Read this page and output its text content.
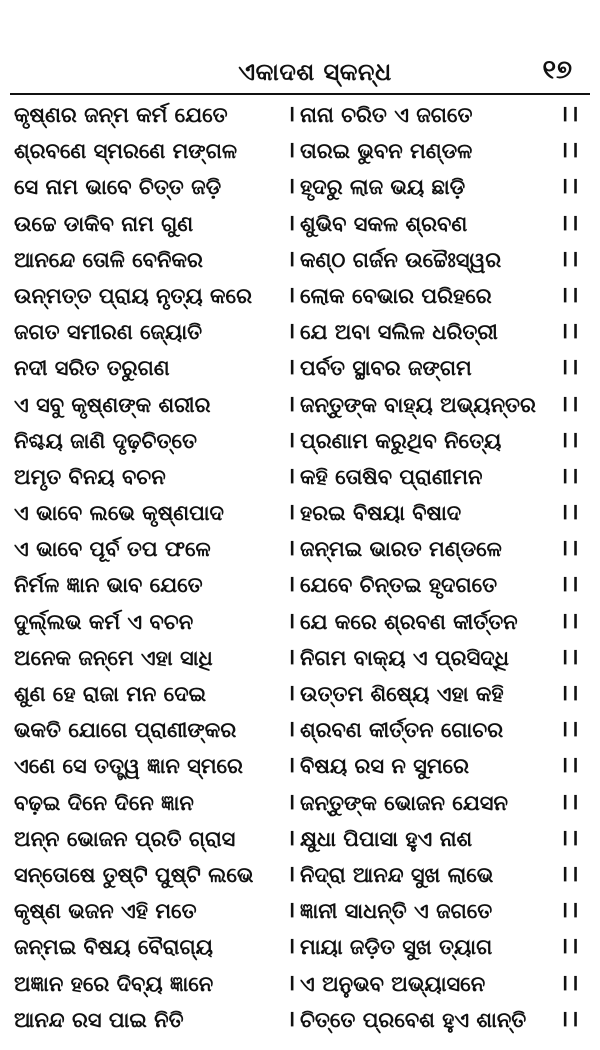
ଏକାଦଶ ସ୍କନ୍ଧ	୧୭
କୃଷ୍ଣର ଜନ୍ମ କର୍ମ ଯେତେ	। ନାନା ଚରିତ ଏ ଜଗତେ	।।
ଶ୍ରବଣେ ସ୍ମରଣେ ମଙ୍ଗଳ । ତାରଇ ଭୁବନ ମଣ୍ଡଳ	।।
ସେ ନାମ ଭାବେ ଚିତ୍ତ ଜଡ଼ି	। ହୃଦରୁ ଲାଜ ଭୟ ଛାଡ଼ି	।।
ଉଚ୍ଚେ ଡାକିବ ନାମ ଗୁଣ	। ଶୁଭିବ ସକଳ ଶ୍ରବଣ	।।
ଆନନ୍ଦେ ତୋଳି ବେନିକର	। କଣ୍ଠ ଗର୍ଜନ ଉଚ୍ଚୈଃସ୍ୱର	।।
ଉନ୍ମତ୍ତ ପ୍ରାୟ ନୃତ୍ୟ କରେ । ଲୋକ ବେଭାର ପରିହରେ	।।
ଜଗତ ସମୀରଣ ଜ୍ୟୋତି	। ଯେ ଅବା ସଲିଳ ଧରିତ୍ରୀ	।।
ନଦୀ ସରିତ ତରୁଗଣ	। ପର୍ବତ ସ୍ଥାବର ଜଙ୍ଗମ	।।
ଏ ସବୁ କୃଷ୍ଣଙ୍କ ଶରୀର	। ଜନ୍ତୁଙ୍କ ବାହ୍ୟ ଅଭ୍ୟନ୍ତର ।।
ନିଶ୍ଚୟ ଜାଣି ଦୃଢ଼ଚିତ୍ତେ	। ପ୍ରଣାମ କରୁଥିବ ନିତ୍ୟେ	।।
ଅମୃତ ବିନୟ ବଚନ	। କହି ତୋଷିବ ପ୍ରାଣୀମନ	।।
ଏ ଭାବେ ଲଭେ କୃଷ୍ଣପାଦ	। ହରଇ ବିଷୟା ବିଷାଦ	।।
ଏ ଭାବେ ପୂର୍ବ ତପ ଫଳେ	। ଜନ୍ମଇ ଭାରତ ମଣ୍ଡଳେ	।।
ନିର୍ମଳ ଜ୍ଞାନ ଭାବ ଯେତେ	। ଯେବେ ଚିନ୍ତଇ ହୃଦଗତେ	।।
ଦୁର୍ଲ୍ଲଭ କର୍ମ ଏ ବଚନ	। ଯେ କରେ ଶ୍ରବଣ କୀର୍ତ୍ତନ ।।
ଅନେକ ଜନ୍ମେ ଏହା ସାଧି	। ନିଗମ ବାକ୍ୟ ଏ ପ୍ରସିଦ୍ଧି ।।
ଶୁଣ ହେ ରାଜା ମନ ଦେଇ	। ଉତ୍ତମ ଶିଷ୍ୟେ ଏହା କହି	।।
ଭକତି ଯୋଗେ ପ୍ରାଣୀଙ୍କର । ଶ୍ରବଣ କୀର୍ତ୍ତନ ଗୋଚର	।।
ଏଣେ ସେ ତତ୍ତ୍ୱ ଜ୍ଞାନ ସ୍ମରେ । ବିଷୟ ରସ ନ ସୁମରେ	।।
ବଢ଼ଇ ଦିନେ ଦିନେ ଜ୍ଞାନ	। ଜନ୍ତୁଙ୍କ ଭୋଜନ ଯେସନ ।।
ଅନ୍ନ ଭୋଜନ ପ୍ରତି ଗ୍ରାସ । କ୍ଷୁଧା ପିପାସା ହୁଏ ନାଶ	।।
ସନ୍ତୋଷେ ତୁଷ୍ଟି ପୁଷ୍ଟି ଲଭେ । ନିଦ୍ରା ଆନନ୍ଦ ସୁଖ ଲାଭେ	।।
କୃଷ୍ଣ ଭଜନ ଏହି ମତେ	। ଜ୍ଞାନୀ ସାଧନ୍ତି ଏ ଜଗତେ	।।
ଜନ୍ମଇ ବିଷୟ ବୈରାଗ୍ୟ	। ମାୟା ଜଡ଼ିତ ସୁଖ ତ୍ୟାଗ	।।
ଅଜ୍ଞାନ ହରେ ଦିବ୍ୟ ଜ୍ଞାନେ	। ଏ ଅନୁଭବ ଅଭ୍ୟାସନେ	।।
ଆନନ୍ଦ ରସ ପାଇ ନିତି	। ଚିତ୍ତେ ପ୍ରବେଶ ହୁଏ ଶାନ୍ତି ।।
